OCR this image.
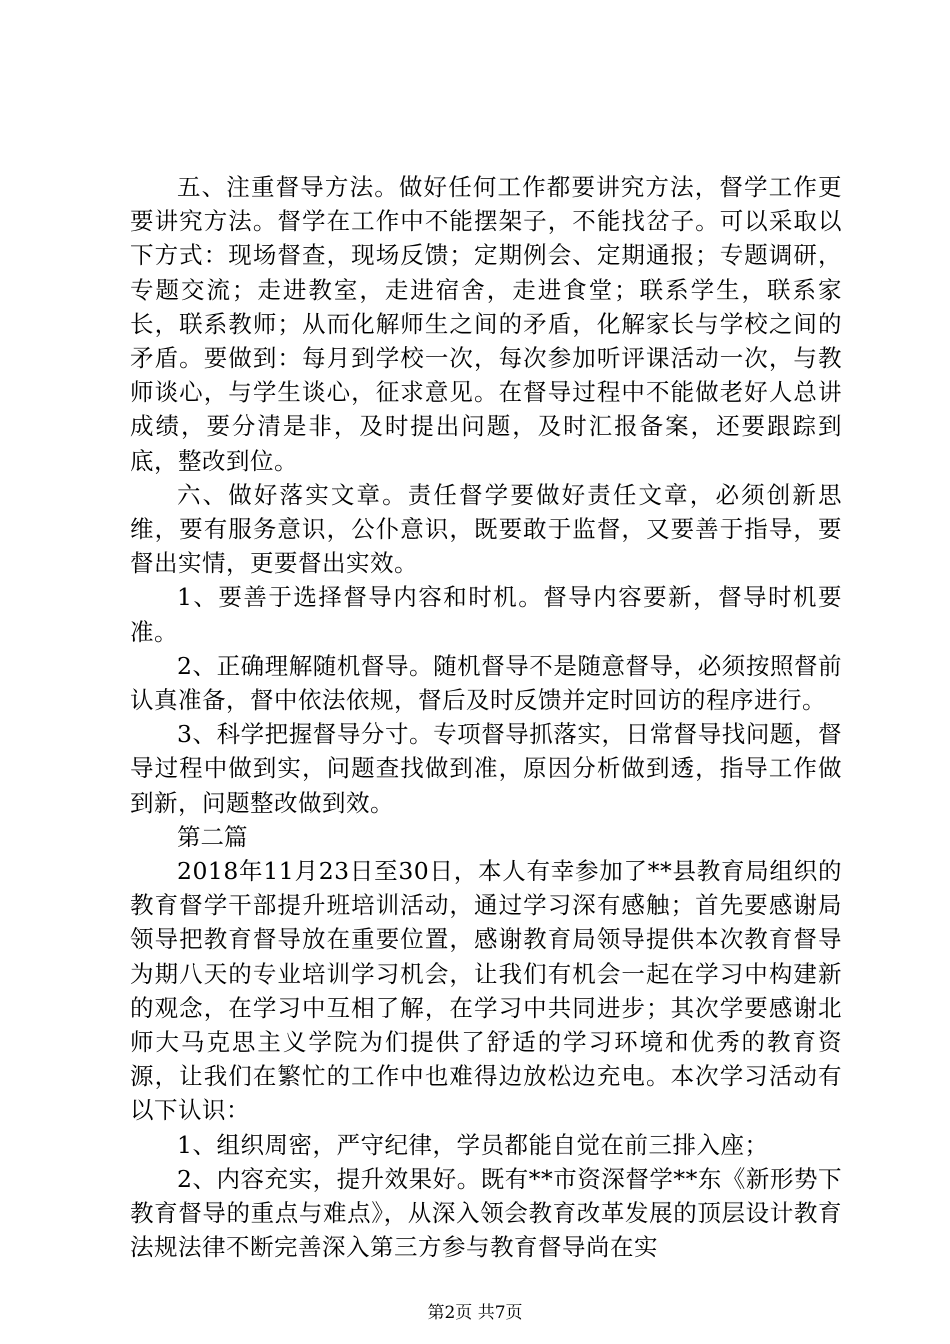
五、注重督导方法。做好任何工作都要讲究方法，督学工作更要讲究方法。督学在工作中不能摆架子，不能找岔子。可以采取以下方式：现场督查，现场反馈；定期例会、定期通报；专题调研，专题交流；走进教室，走进宿舍，走进食堂；联系学生，联系家长，联系教师；从而化解师生之间的矛盾，化解家长与学校之间的矛盾。要做到：每月到学校一次，每次参加听评课活动一次，与教师谈心，与学生谈心，征求意见。在督导过程中不能做老好人总讲成绩，要分清是非，及时提出问题，及时汇报备案，还要跟踪到底，整改到位。

六、做好落实文章。责任督学要做好责任文章，必须创新思维，要有服务意识，公仆意识，既要敢于监督，又要善于指导，要督出实情，更要督出实效。

1、要善于选择督导内容和时机。督导内容要新，督导时机要准。

2、正确理解随机督导。随机督导不是随意督导，必须按照督前认真准备，督中依法依规，督后及时反馈并定时回访的程序进行。

3、科学把握督导分寸。专项督导抓落实，日常督导找问题，督导过程中做到实，问题查找做到准，原因分析做到透，指导工作做到新，问题整改做到效。

第二篇

2018年11月23日至30日，本人有幸参加了**县教育局组织的教育督学干部提升班培训活动，通过学习深有感触；首先要感谢局领导把教育督导放在重要位置，感谢教育局领导提供本次教育督导为期八天的专业培训学习机会，让我们有机会一起在学习中构建新的观念，在学习中互相了解，在学习中共同进步；其次学要感谢北师大马克思主义学院为们提供了舒适的学习环境和优秀的教育资源，让我们在繁忙的工作中也难得边放松边充电。本次学习活动有以下认识：

1、组织周密，严守纪律，学员都能自觉在前三排入座；

2、内容充实，提升效果好。既有**市资深督学**东《新形势下教育督导的重点与难点》，从深入领会教育改革发展的顶层设计教育法规法律不断完善深入第三方参与教育督导尚在实

第2页 共7页
